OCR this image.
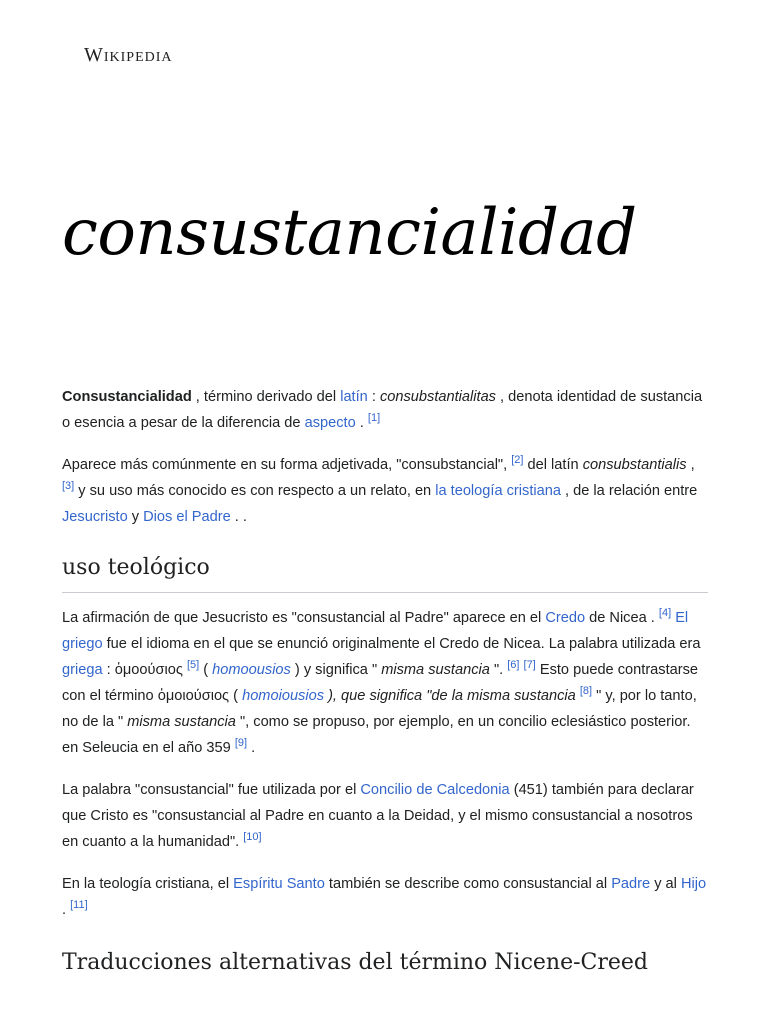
Wikipedia
consustancialidad

Consustancialidad , término derivado del latín : consubstantialitas , denota identidad de sustancia o esencia a pesar de la diferencia de aspecto . [1]

Aparece más comúnmente en su forma adjetivada, "consubstancial", [2] del latín consubstantialis , [3] y su uso más conocido es con respecto a un relato, en la teología cristiana , de la relación entre Jesucristo y Dios el Padre . .

uso teológico

La afirmación de que Jesucristo es "consustancial al Padre" aparece en el Credo de Nicea . [4] El griego fue el idioma en el que se enunció originalmente el Credo de Nicea. La palabra utilizada era griega : ὁμοούσιος [5] ( homoousios ) y significa " misma sustancia ". [6] [7] Esto puede contrastarse con el término ὁμοιούσιος ( homoiousios ), que significa "de la misma sustancia [8] " y, por lo tanto, no de la " misma sustancia ", como se propuso, por ejemplo, en un concilio eclesiástico posterior. en Seleucia en el año 359 [9] .

La palabra "consustancial" fue utilizada por el Concilio de Calcedonia (451) también para declarar que Cristo es "consustancial al Padre en cuanto a la Deidad, y el mismo consustancial a nosotros en cuanto a la humanidad". [10]

En la teología cristiana, el Espíritu Santo también se describe como consustancial al Padre y al Hijo . [11]

Traducciones alternativas del término Nicene-Creed
